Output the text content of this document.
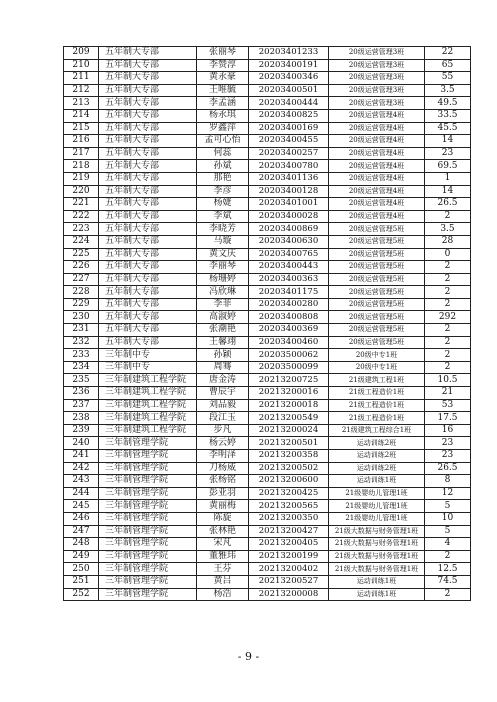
209	五年制大专部	张丽琴	20203401233	20级运营管理3班	22
210	五年制大专部	李赞淳	20203400191	20级运营管理3班	65
211	五年制大专部	黄永豪	20203400346	20级运营管理3班	55
212	五年制大专部	王唯毓	20203400501	20级运营管理3班	3.5
213	五年制大专部	李孟涵	20203400444	20级运营管理3班	49.5
214	五年制大专部	杨永琪	20203400825	20级运营管理4班	33.5
215	五年制大专部	罗鑫萍	20203400169	20级运营管理4班	45.5
216	五年制大专部	孟可心怡	20203400455	20级运营管理4班	14
217	五年制大专部	何蕊	20203400257	20级运营管理4班	23
218	五年制大专部	孙斌	20203400780	20级运营管理4班	69.5
219	五年制大专部	那艳	20203401136	20级运营管理4班	1
220	五年制大专部	李彦	20203400128	20级运营管理4班	14
221	五年制大专部	杨婕	20203401001	20级运营管理4班	26.5
222	五年制大专部	李斌	20203400028	20级运营管理4班	2
223	五年制大专部	李晓芳	20203400869	20级运营管理5班	3.5
224	五年制大专部	马璇	20203400630	20级运营管理5班	28
225	五年制大专部	黄文庆	20203400765	20级运营管理5班	0
226	五年制大专部	李丽琴	20203400443	20级运营管理5班	2
227	五年制大专部	杨珊婷	20203400363	20级运营管理5班	2
228	五年制大专部	冯欣琳	20203401175	20级运营管理5班	2
229	五年制大专部	李菲	20203400280	20级运营管理5班	2
230	五年制大专部	高淑婷	20203400808	20级运营管理5班	292
231	五年制大专部	张潮艳	20203400369	20级运营管理5班	2
232	五年制大专部	王馨翊	20203400460	20级运营管理5班	2
233	三年制中专	孙颖	20203500062	20级中专1班	2
234	三年制中专	周骞	20203500099	20级中专1班	2
235	三年制建筑工程学院	唐金涛	20213200725	21级建筑工程1班	10.5
236	三年制建筑工程学院	曹辰宇	20213200016	21级工程造价1班	21
237	三年制建筑工程学院	刘品毅	20213200018	21级工程造价1班	53
238	三年制建筑工程学院	段江玉	20213200549	21级工程造价1班	17.5
239	三年制建筑工程学院	步凡	20213200024	21级建筑工程综合1班	16
240	三年制管理学院	杨云婷	20213200501	运动训练2班	23
241	三年制管理学院	李明泽	20213200358	运动训练2班	23
242	三年制管理学院	刀杨威	20213200502	运动训练2班	26.5
243	三年制管理学院	张杨铭	20213200600	运动训练1班	8
244	三年制管理学院	彭亚羽	20213200425	21级婴幼儿管理1班	12
245	三年制管理学院	黄丽梅	20213200565	21级婴幼儿管理1班	5
246	三年制管理学院	陈旋	20213200350	21级婴幼儿管理1班	10
247	三年制管理学院	张林艳	20213200427	21级大数据与财务管理1班	5
248	三年制管理学院	宋芃	20213200405	21级大数据与财务管理1班	4
249	三年制管理学院	董雅玮	20213200199	21级大数据与财务管理1班	2
250	三年制管理学院	王芬	20213200402	21级大数据与财务管理1班	12.5
251	三年制管理学院	黄吕	20213200527	运动训练1班	74.5
252	三年制管理学院	杨浩	20213200008	运动训练1班	2
- 9 -
